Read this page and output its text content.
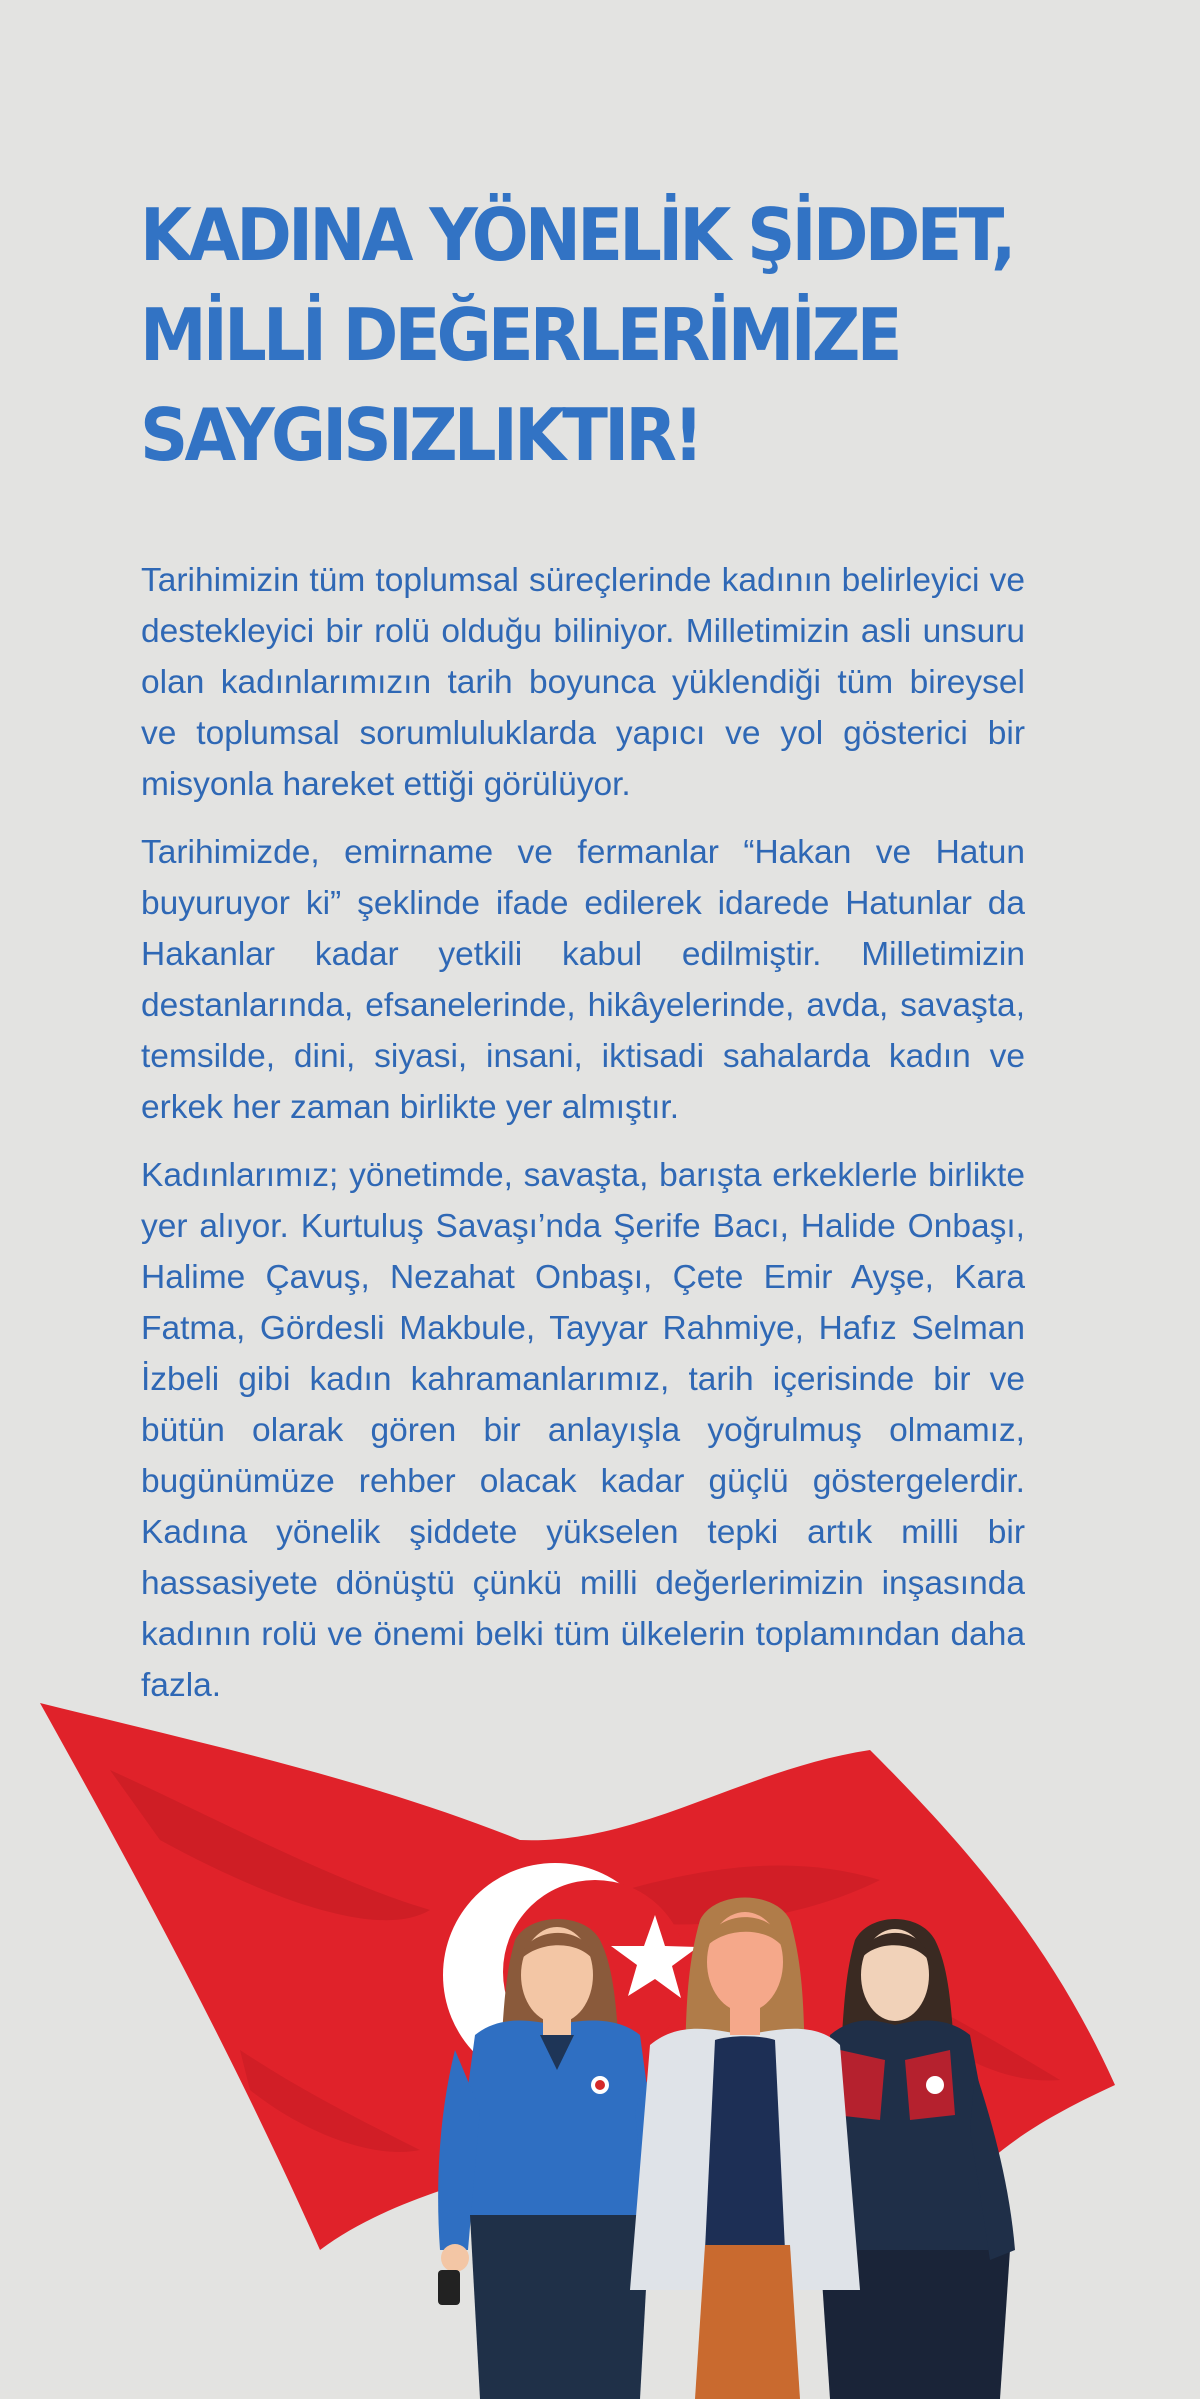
KADINA YÖNELİK ŞİDDET,
MİLLİ DEĞERLERİMİZE
SAYGISIZLIKTIR!

Tarihimizin tüm toplumsal süreçlerinde kadının belirleyici ve destekleyici bir rolü olduğu biliniyor. Milletimizin asli unsuru olan kadınlarımızın tarih boyunca yüklendiği tüm bireysel ve toplumsal sorumluluklarda yapıcı ve yol gösterici bir misyonla hareket ettiği görülüyor.

Tarihimizde, emirname ve fermanlar “Hakan ve Hatun buyuruyor ki” şeklinde ifade edilerek idarede Hatunlar da Hakanlar kadar yetkili kabul edilmiştir. Milletimizin destanlarında, efsanelerinde, hikâyelerinde, avda, savaşta, temsilde, dini, siyasi, insani, iktisadi sahalarda kadın ve erkek her zaman birlikte yer almıştır.

Kadınlarımız; yönetimde, savaşta, barışta erkeklerle birlikte yer alıyor. Kurtuluş Savaşı’nda Şerife Bacı, Halide Onbaşı, Halime Çavuş, Nezahat Onbaşı, Çete Emir Ayşe, Kara Fatma, Gördesli Makbule, Tayyar Rahmiye, Hafız Selman İzbeli gibi kadın kahramanlarımız, tarih içerisinde bir ve bütün olarak gören bir anlayışla yoğrulmuş olmamız, bugünümüze rehber olacak kadar güçlü göstergelerdir. Kadına yönelik şiddete yükselen tepki artık milli bir hassasiyete dönüştü çünkü milli değerlerimizin inşasında kadının rolü ve önemi belki tüm ülkelerin toplamından daha fazla.
